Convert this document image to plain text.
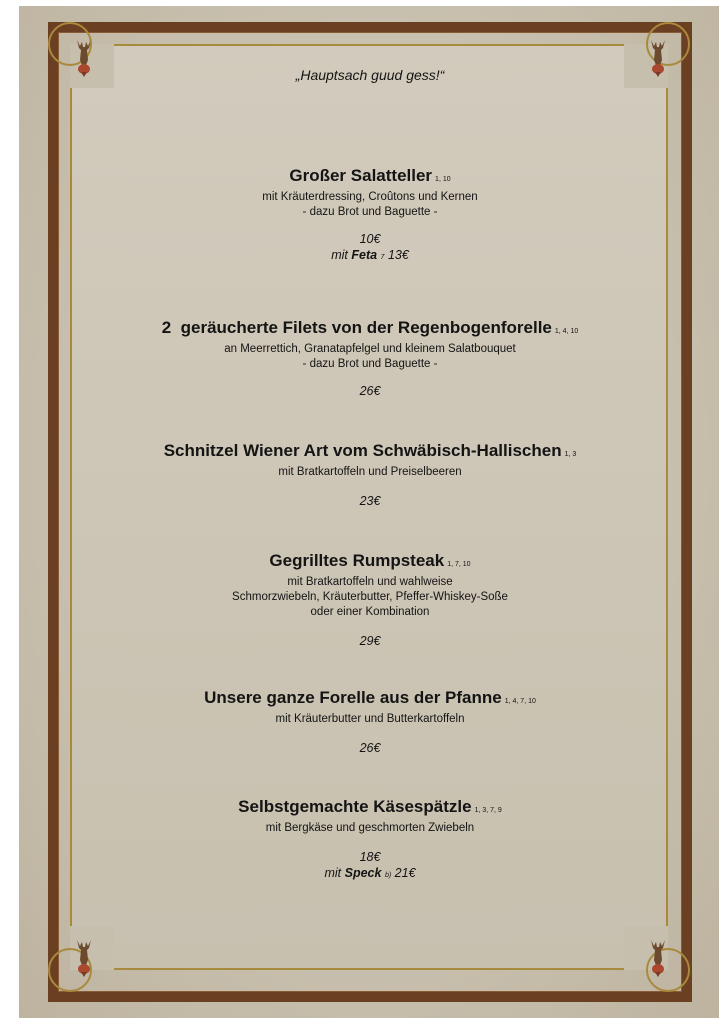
„Hauptsach guud gess!“
Großer Salatteller 1, 10
mit Kräuterdressing, Croûtons und Kernen
- dazu Brot und Baguette -
10€
mit Feta 7 13€
2  geräucherte Filets von der Regenbogenforelle 1, 4, 10
an Meerrettich, Granatapfelgel und kleinem Salatbouquet
- dazu Brot und Baguette -
26€
Schnitzel Wiener Art vom Schwäbisch-Hallischen 1, 3
mit Bratkartoffeln und Preiselbeeren
23€
Gegrilltes Rumpsteak 1, 7, 10
mit Bratkartoffeln und wahlweise
Schmorzwiebeln, Kräuterbutter, Pfeffer-Whiskey-Soße
oder einer Kombination
29€
Unsere ganze Forelle aus der Pfanne 1, 4, 7, 10
mit Kräuterbutter und Butterkartoffeln
26€
Selbstgemachte Käsespätzle 1, 3, 7, 9
mit Bergkäse und geschmorten Zwiebeln
18€
mit Speck b) 21€
